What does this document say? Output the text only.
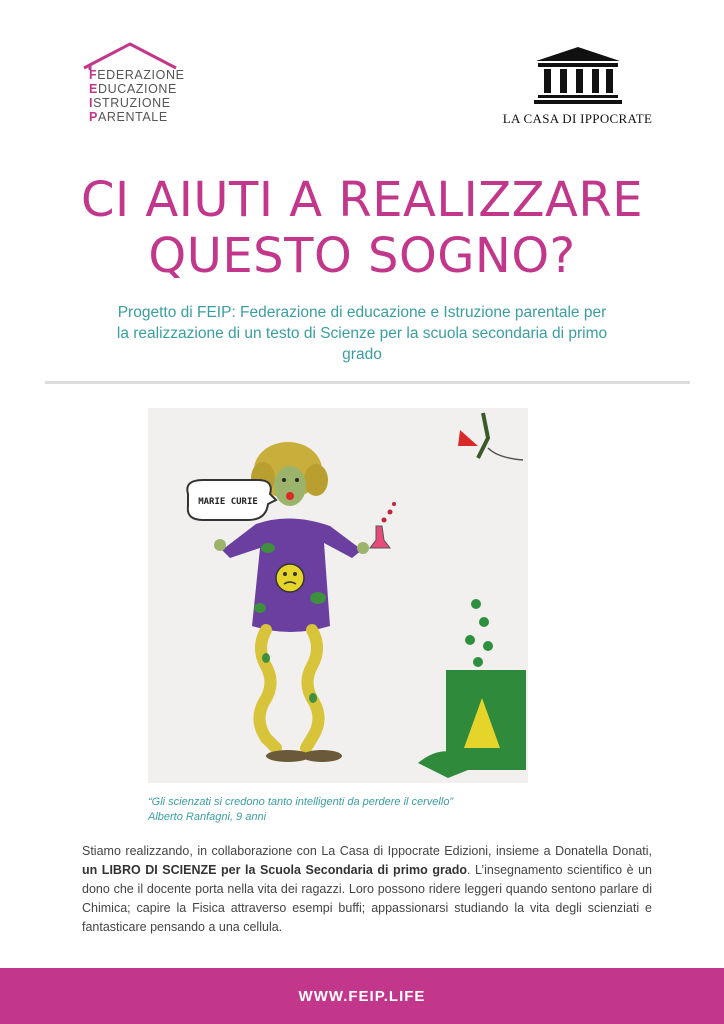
FEDERAZIONE
EDUCAZIONE
ISTRUZIONE
PARENTALE	LA CASA DI IPPOCRATE
CI AIUTI A REALIZZARE
QUESTO SOGNO?
Progetto di FEIP: Federazione di educazione e Istruzione parentale per la realizzazione di un testo di Scienze per la scuola secondaria di primo grado
MARIE CURIE
“Gli scienzati si credono tanto intelligenti da perdere il cervello”
Alberto Ranfagni, 9 anni
Stiamo realizzando, in collaborazione con La Casa di Ippocrate Edizioni, insieme a Donatella Donati, un LIBRO DI SCIENZE per la Scuola Secondaria di primo grado. L’insegnamento scientifico è un dono che il docente porta nella vita dei ragazzi. Loro possono ridere leggeri quando sentono parlare di Chimica; capire la Fisica attraverso esempi buffi; appassionarsi studiando la vita degli scienziati e fantasticare pensando a una cellula.
WWW.FEIP.LIFE
